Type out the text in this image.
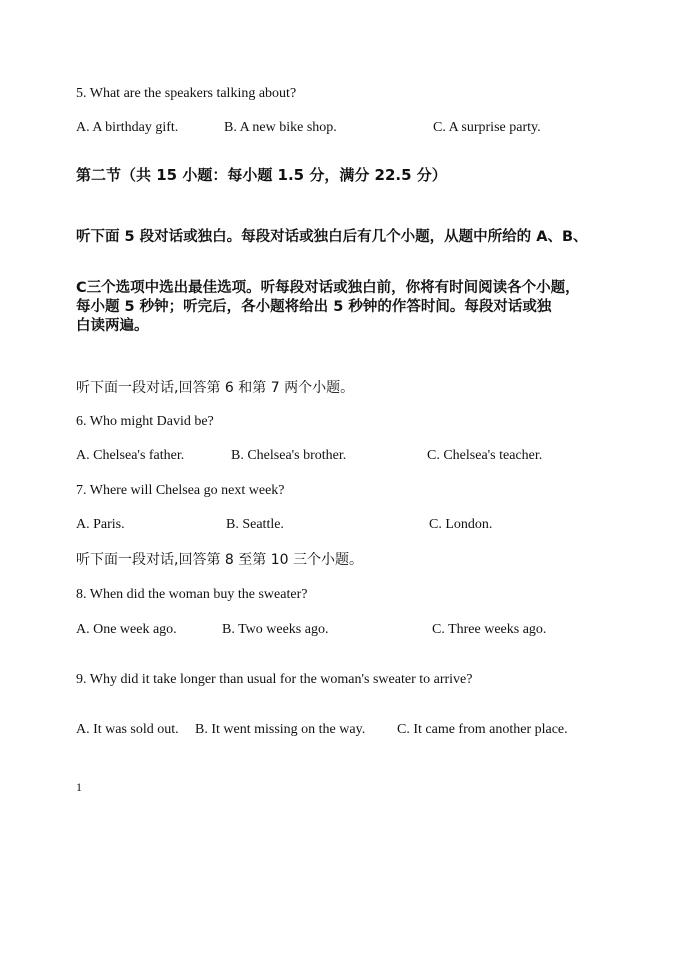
5. What are the speakers talking about?
A. A birthday gift.	B. A new bike shop.	C. A surprise party.
第二节（共 15 小题：每小题 1.5 分，满分 22.5 分）
听下面 5 段对话或独白。每段对话或独白后有几个小题，从题中所给的 A、B、
C三个选项中选出最佳选项。听每段对话或独白前，你将有时间阅读各个小题，
每小题 5 秒钟；听完后，各小题将给出 5 秒钟的作答时间。每段对话或独
白读两遍。
听下面一段对话,回答第 6 和第 7 两个小题。
6. Who might David be?
A. Chelsea's father.	B. Chelsea's brother.	C. Chelsea's teacher.
7. Where will Chelsea go next week?
A. Paris.	B. Seattle.	C. London.
听下面一段对话,回答第 8 至第 10 三个小题。
8. When did the woman buy the sweater?
A. One week ago.	B. Two weeks ago.	C. Three weeks ago.
9. Why did it take longer than usual for the woman's sweater to arrive?
A. It was sold out. B. It went missing on the way. C. It came from another place.
1
